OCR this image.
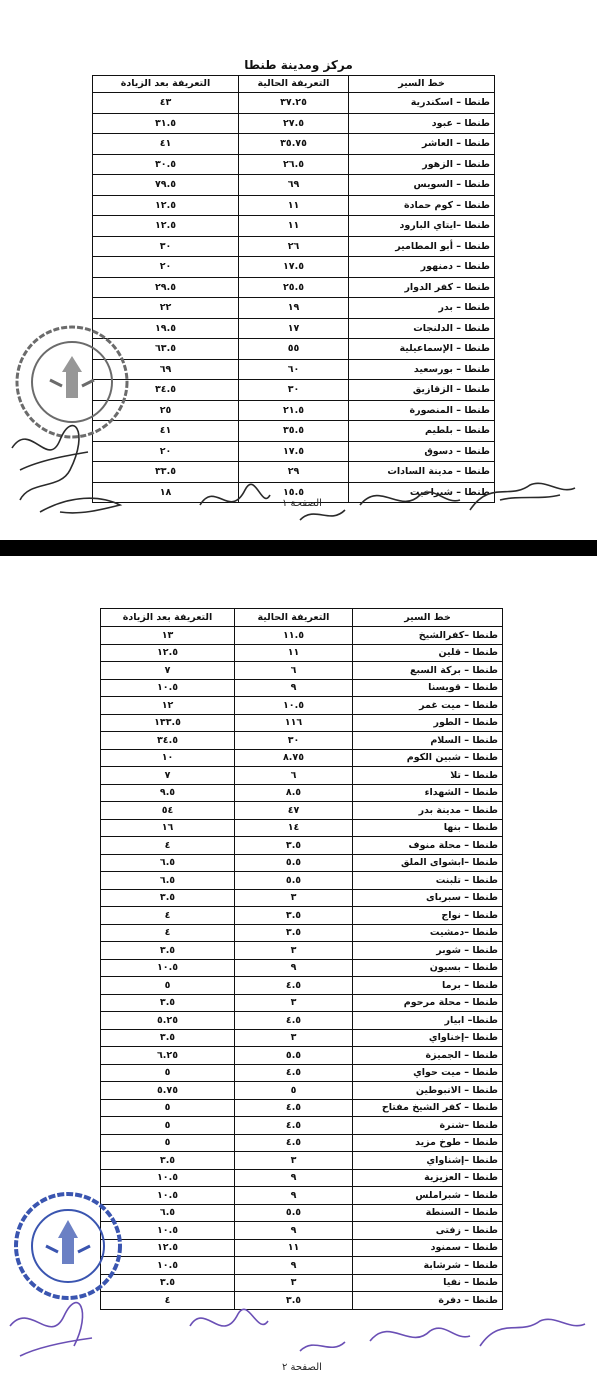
مركز ومدينة طنطا
خط السير	التعريفة الحالية	التعريفة بعد الزيادة
طنطا – اسكندرية	٣٧.٢٥	٤٣
طنطا – عبود	٢٧.٥	٣١.٥
طنطا – العاشر	٣٥.٧٥	٤١
طنطا – الزهور	٢٦.٥	٣٠.٥
طنطا – السويس	٦٩	٧٩.٥
طنطا – كوم حمادة	١١	١٢.٥
طنطا –ايتاي البارود	١١	١٢.٥
طنطا – أبو المطامير	٢٦	٣٠
طنطا – دمنهور	١٧.٥	٢٠
طنطا – كفر الدوار	٢٥.٥	٢٩.٥
طنطا – بدر	١٩	٢٢
طنطا – الدلنجات	١٧	١٩.٥
طنطا – الإسماعيلية	٥٥	٦٣.٥
طنطا – بورسعيد	٦٠	٦٩
طنطا – الزقازيق	٣٠	٣٤.٥
طنطا – المنصورة	٢١.٥	٢٥
طنطا – بلطيم	٣٥.٥	٤١
طنطا – دسوق	١٧.٥	٢٠
طنطا – مدينة السادات	٢٩	٣٣.٥
طنطا – شبراخيت	١٥.٥	١٨
الصفحة ١
خط السير	التعريفة الحالية	التعريفة بعد الزيادة
طنطا –كفرالشيخ	١١.٥	١٣
طنطا – قلين	١١	١٢.٥
طنطا – بركة السبع	٦	٧
طنطا – قويسنا	٩	١٠.٥
طنطا – ميت غمر	١٠.٥	١٢
طنطا – الطور	١١٦	١٣٣.٥
طنطا – السلام	٣٠	٣٤.٥
طنطا – شبين الكوم	٨.٧٥	١٠
طنطا – تلا	٦	٧
طنطا – الشهداء	٨.٥	٩.٥
طنطا – مدينة بدر	٤٧	٥٤
طنطا – بنها	١٤	١٦
طنطا – محلة منوف	٣.٥	٤
طنطا –ابشواى الملق	٥.٥	٦.٥
طنطا – تلبنت	٥.٥	٦.٥
طنطا – سبرباى	٣	٣.٥
طنطا – نواج	٣.٥	٤
طنطا –دمشيت	٣.٥	٤
طنطا – شوبر	٣	٣.٥
طنطا – بسيون	٩	١٠.٥
طنطا – برما	٤.٥	٥
طنطا – محلة مرحوم	٣	٣.٥
طنطا– ابيار	٤.٥	٥.٢٥
طنطا –إخناواي	٣	٣.٥
طنطا – الجميزة	٥.٥	٦.٢٥
طنطا – ميت حواي	٤.٥	٥
طنطا – الانبوطين	٥	٥.٧٥
طنطا – كفر الشيخ مفتاح	٤.٥	٥
طنطا –شنرة	٤.٥	٥
طنطا – طوخ مزيد	٤.٥	٥
طنطا –إشناواي	٣	٣.٥
طنطا – العزيزية	٩	١٠.٥
طنطا – شبراملس	٩	١٠.٥
طنطا – السنطة	٥.٥	٦.٥
طنطا – زفتى	٩	١٠.٥
طنطا – سمنود	١١	١٢.٥
طنطا – شرشابة	٩	١٠.٥
طنطا – نفيا	٣	٣.٥
طنطا – دفرة	٣.٥	٤
الصفحة ٢
